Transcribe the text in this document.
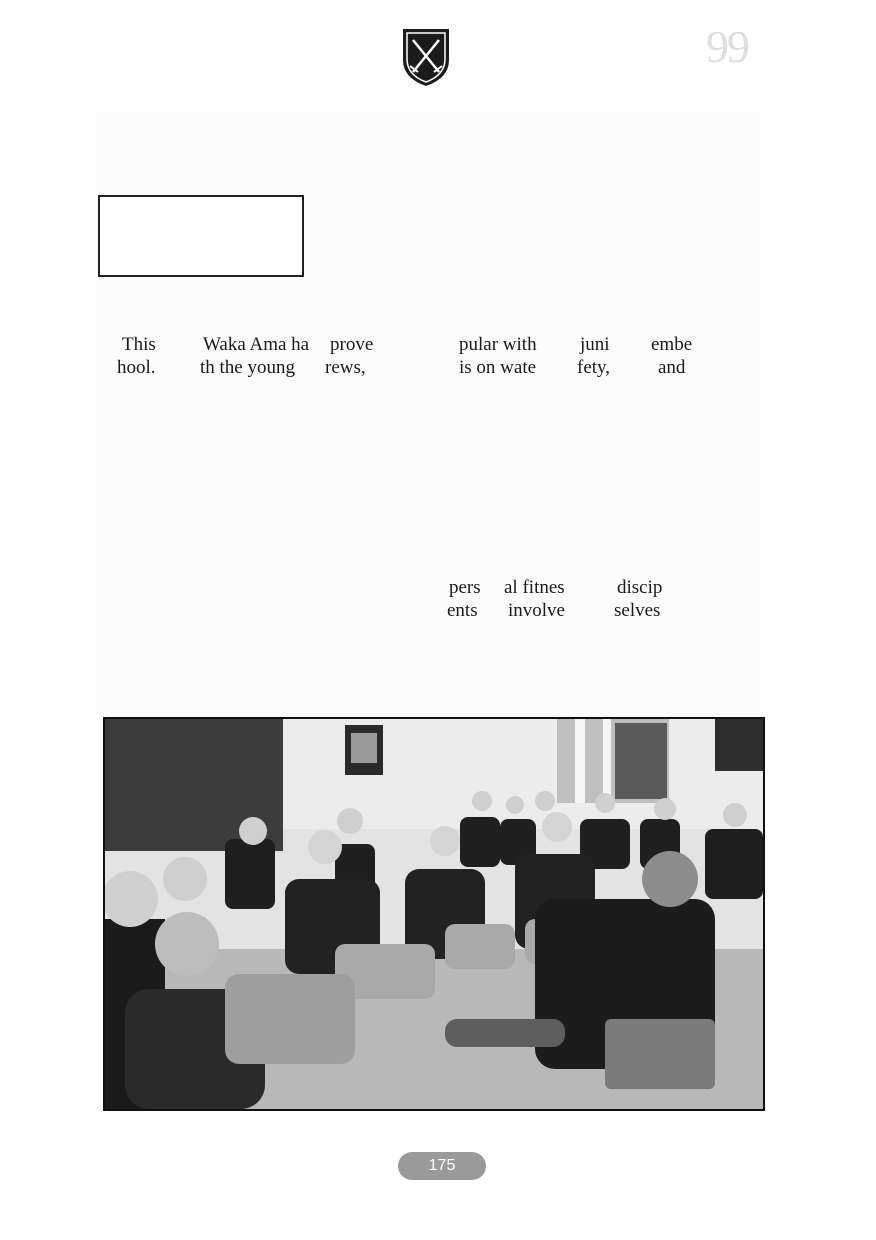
99
This Waka Ama ha prove	pular with juni embe
hool. th the young rews,	is on wate fety,	and
pers al fitnes	discip
ents involve	selves
175
